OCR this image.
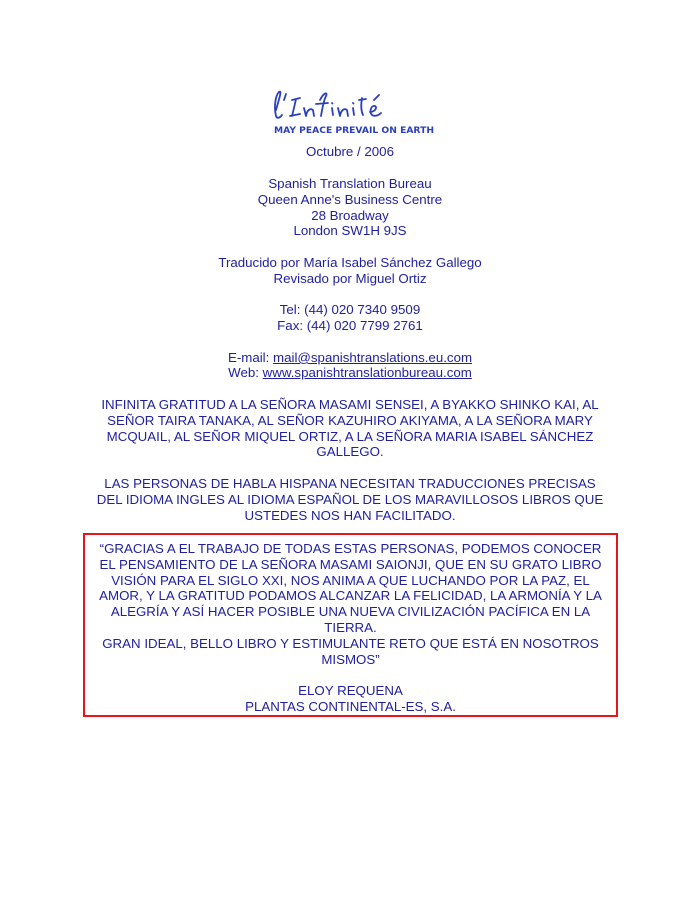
MAY PEACE PREVAIL ON EARTH
Octubre / 2006
Spanish Translation Bureau
Queen Anne's Business Centre
28 Broadway
London SW1H 9JS
Traducido por María Isabel Sánchez Gallego
Revisado por Miguel Ortiz
Tel: (44) 020 7340 9509
Fax: (44) 020 7799 2761
E-mail: mail@spanishtranslations.eu.com
Web: www.spanishtranslationbureau.com
INFINITA GRATITUD A LA SEÑORA MASAMI SENSEI, A BYAKKO SHINKO KAI, AL SEÑOR TAIRA TANAKA, AL SEÑOR KAZUHIRO AKIYAMA, A LA SEÑORA MARY MCQUAIL, AL SEÑOR MIQUEL ORTIZ, A LA SEÑORA MARIA ISABEL SÁNCHEZ GALLEGO.
LAS PERSONAS DE HABLA HISPANA NECESITAN TRADUCCIONES PRECISAS DEL IDIOMA INGLES AL IDIOMA ESPAÑOL DE LOS MARAVILLOSOS LIBROS QUE USTEDES NOS HAN FACILITADO.
“GRACIAS A EL TRABAJO DE TODAS ESTAS PERSONAS, PODEMOS CONOCER EL PENSAMIENTO DE LA SEÑORA MASAMI SAIONJI, QUE EN SU GRATO LIBRO VISIÓN PARA EL SIGLO XXI, NOS ANIMA A QUE LUCHANDO POR LA PAZ, EL AMOR, Y LA GRATITUD PODAMOS ALCANZAR LA FELICIDAD, LA ARMONÍA Y LA ALEGRÍA Y ASÍ HACER POSIBLE UNA NUEVA CIVILIZACIÓN PACÍFICA EN LA TIERRA.
GRAN IDEAL, BELLO LIBRO Y ESTIMULANTE RETO QUE ESTÁ EN NOSOTROS MISMOS”
ELOY REQUENA
PLANTAS CONTINENTAL-ES, S.A.
